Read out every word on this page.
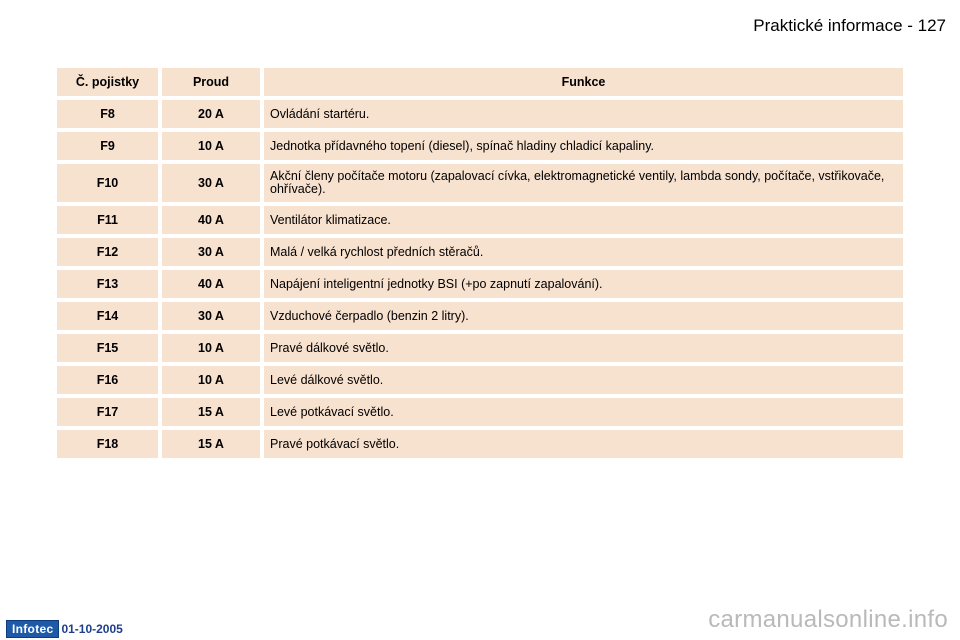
Praktické informace - 127
Č. pojistky	Proud	Funkce
F8	20 A	Ovládání startéru.
F9	10 A	Jednotka přídavného topení (diesel), spínač hladiny chladicí kapaliny.
F10	30 A	Akční členy počítače motoru (zapalovací cívka, elektromagnetické ventily, lambda sondy, počítače, vstřikovače, ohřívače).
F11	40 A	Ventilátor klimatizace.
F12	30 A	Malá / velká rychlost předních stěračů.
F13	40 A	Napájení inteligentní jednotky BSI (+po zapnutí zapalování).
F14	30 A	Vzduchové čerpadlo (benzin 2 litry).
F15	10 A	Pravé dálkové světlo.
F16	10 A	Levé dálkové světlo.
F17	15 A	Levé potkávací světlo.
F18	15 A	Pravé potkávací světlo.
Infotec 01-10-2005	carmanualsonline.info
